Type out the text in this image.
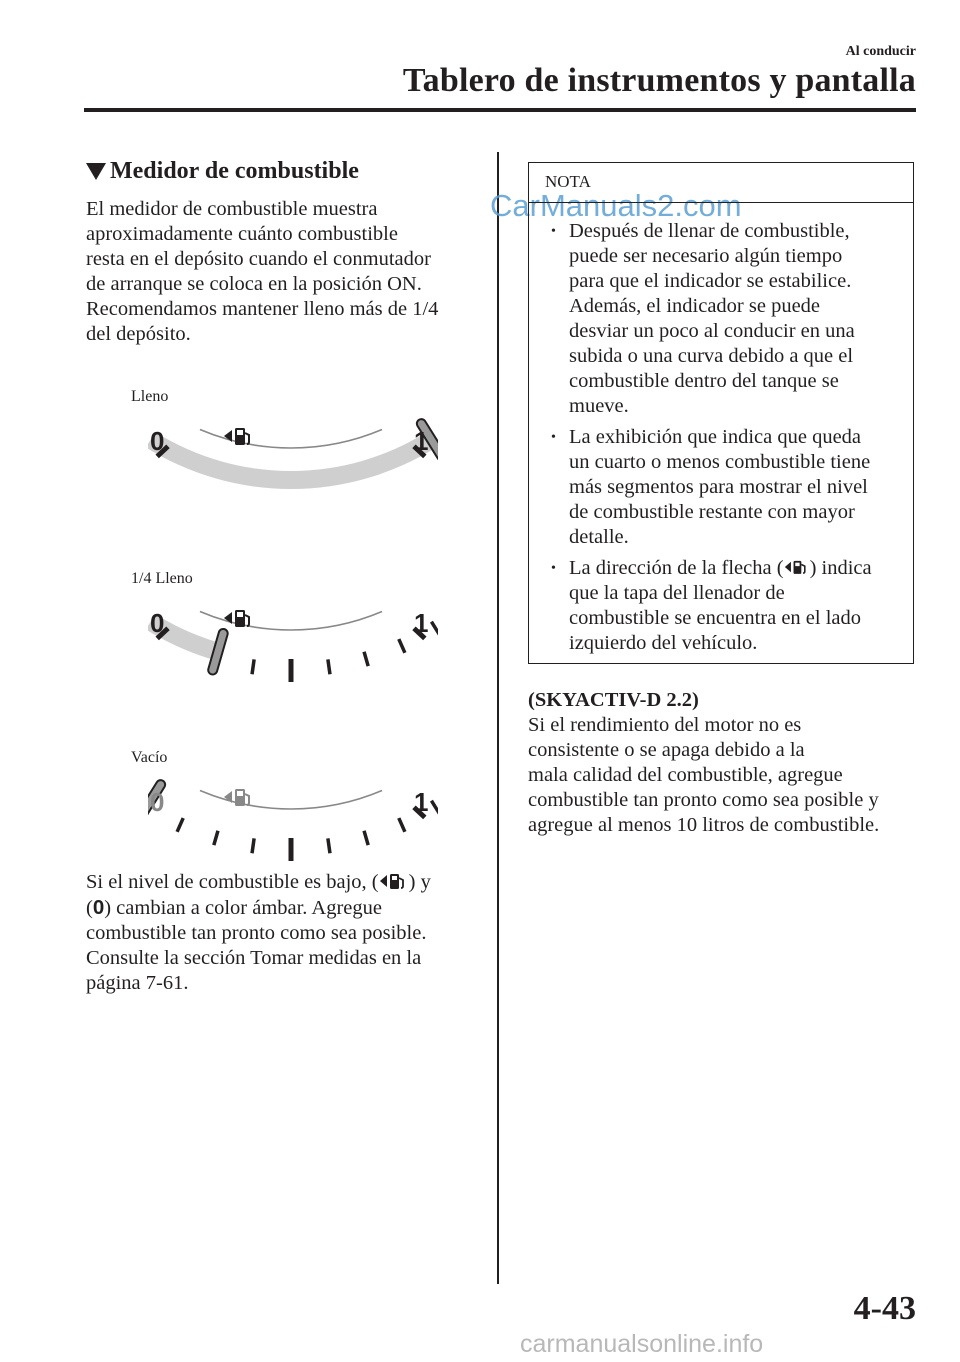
Al conducir
Tablero de instrumentos y pantalla
CarManuals2.com
Medidor de combustible

El medidor de combustible muestra

aproximadamente cuánto combustible

resta en el depósito cuando el conmutador

de arranque se coloca en la posición ON.

Recomendamos mantener lleno más de 1/4

del depósito.

Lleno
1/4 Lleno
Vacío
0	1
0	1
0	1

Si el nivel de combustible es bajo, ( ) y

(0) cambian a color ámbar. Agregue

combustible tan pronto como sea posible.

Consulte la sección Tomar medidas en la

página 7-61.

NOTA
• Después de llenar de combustible,
puede ser necesario algún tiempo
para que el indicador se estabilice.
Además, el indicador se puede
desviar un poco al conducir en una
subida o una curva debido a que el
combustible dentro del tanque se
mueve.
• La exhibición que indica que queda
un cuarto o menos combustible tiene
más segmentos para mostrar el nivel
de combustible restante con mayor
detalle.
• La dirección de la flecha ( ) indica
que la tapa del llenador de
combustible se encuentra en el lado
izquierdo del vehículo.
(SKYACTIV-D 2.2)

Si el rendimiento del motor no es

consistente o se apaga debido a la

mala calidad del combustible, agregue

combustible tan pronto como sea posible y

agregue al menos 10 litros de combustible.

4-43
carmanualsonline.info
